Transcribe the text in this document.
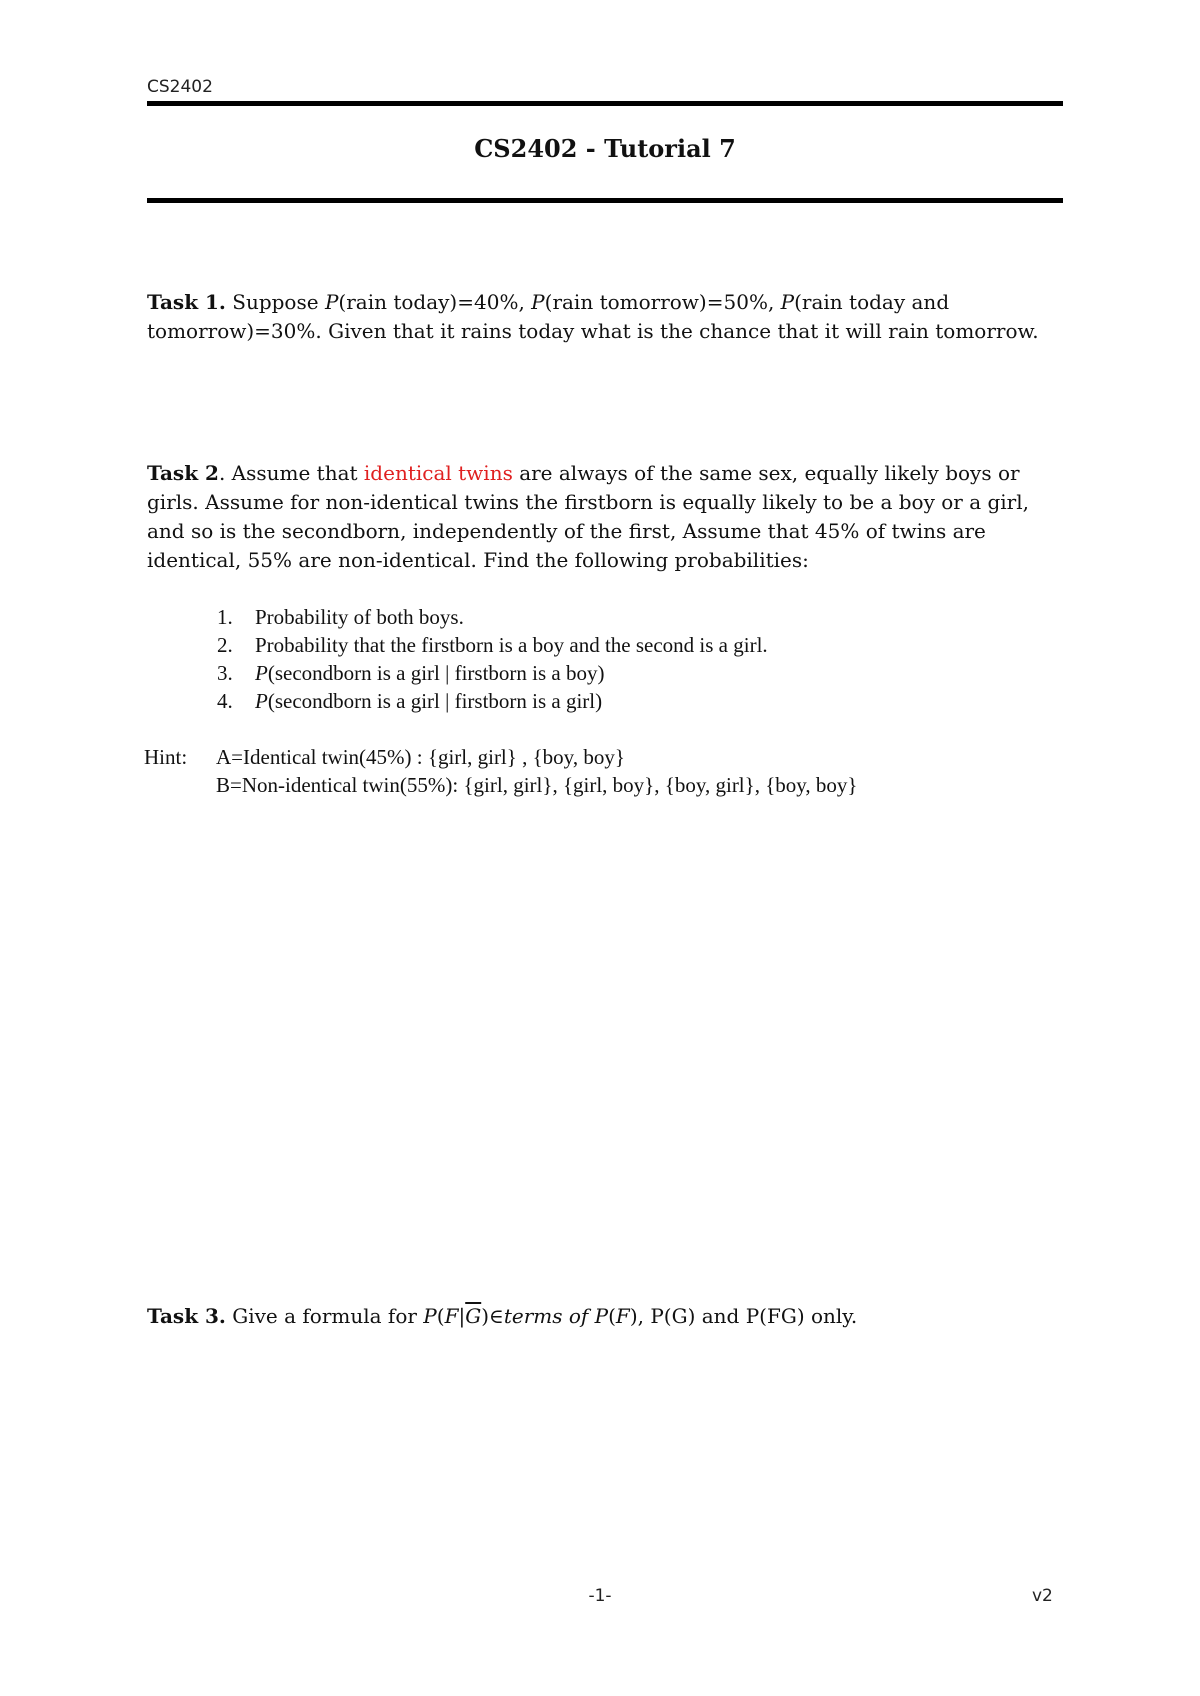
CS2402
CS2402 - Tutorial 7

Task 1. Suppose P(rain today)=40%, P(rain tomorrow)=50%, P(rain today and tomorrow)=30%. Given that it rains today what is the chance that it will rain tomorrow.

Task 2. Assume that identical twins are always of the same sex, equally likely boys or girls. Assume for non-identical twins the firstborn is equally likely to be a boy or a girl, and so is the secondborn, independently of the first, Assume that 45% of twins are identical, 55% are non-identical. Find the following probabilities:

1. Probability of both boys.
2. Probability that the firstborn is a boy and the second is a girl.
3. P(secondborn is a girl | firstborn is a boy)
4. P(secondborn is a girl | firstborn is a girl)
Hint: A=Identical twin(45%) : {girl, girl} , {boy, boy}
B=Non-identical twin(55%): {girl, girl}, {girl, boy}, {boy, girl}, {boy, boy}

Task 3. Give a formula for $P(F|\overline{G})\in terms$ of P(F), P(G) and P(FG) only.

-1-	v2
